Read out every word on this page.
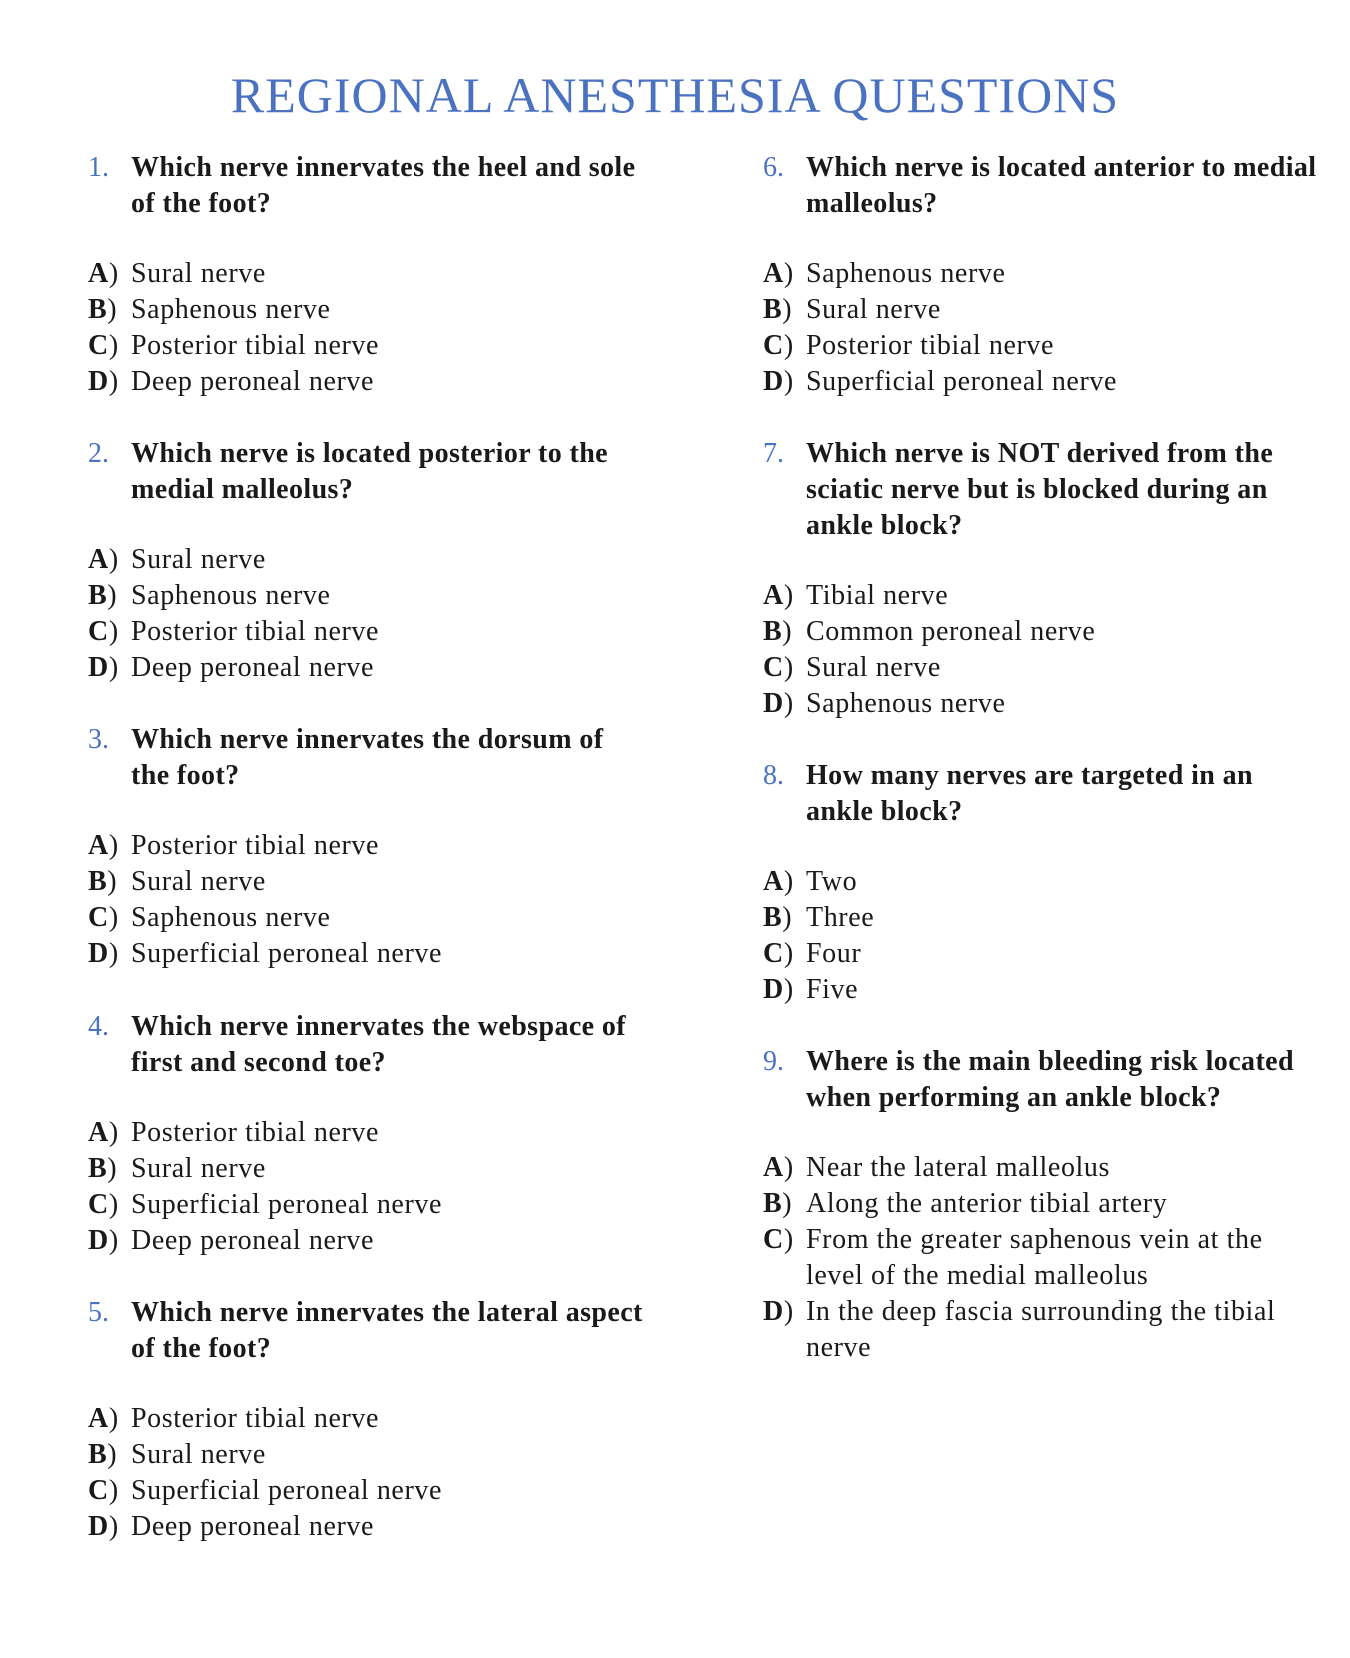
REGIONAL ANESTHESIA QUESTIONS
1. Which nerve innervates the heel and sole of the foot?
A) Sural nerve
B) Saphenous nerve
C) Posterior tibial nerve
D) Deep peroneal nerve
2. Which nerve is located posterior to the medial malleolus?
A) Sural nerve
B) Saphenous nerve
C) Posterior tibial nerve
D) Deep peroneal nerve
3. Which nerve innervates the dorsum of the foot?
A) Posterior tibial nerve
B) Sural nerve
C) Saphenous nerve
D) Superficial peroneal nerve
4. Which nerve innervates the webspace of first and second toe?
A) Posterior tibial nerve
B) Sural nerve
C) Superficial peroneal nerve
D) Deep peroneal nerve
5. Which nerve innervates the lateral aspect of the foot?
A) Posterior tibial nerve
B) Sural nerve
C) Superficial peroneal nerve
D) Deep peroneal nerve
6. Which nerve is located anterior to medial malleolus?
A) Saphenous nerve
B) Sural nerve
C) Posterior tibial nerve
D) Superficial peroneal nerve
7. Which nerve is NOT derived from the sciatic nerve but is blocked during an ankle block?
A) Tibial nerve
B) Common peroneal nerve
C) Sural nerve
D) Saphenous nerve
8. How many nerves are targeted in an ankle block?
A) Two
B) Three
C) Four
D) Five
9. Where is the main bleeding risk located when performing an ankle block?
A) Near the lateral malleolus
B) Along the anterior tibial artery
C) From the greater saphenous vein at the level of the medial malleolus
D) In the deep fascia surrounding the tibial nerve
